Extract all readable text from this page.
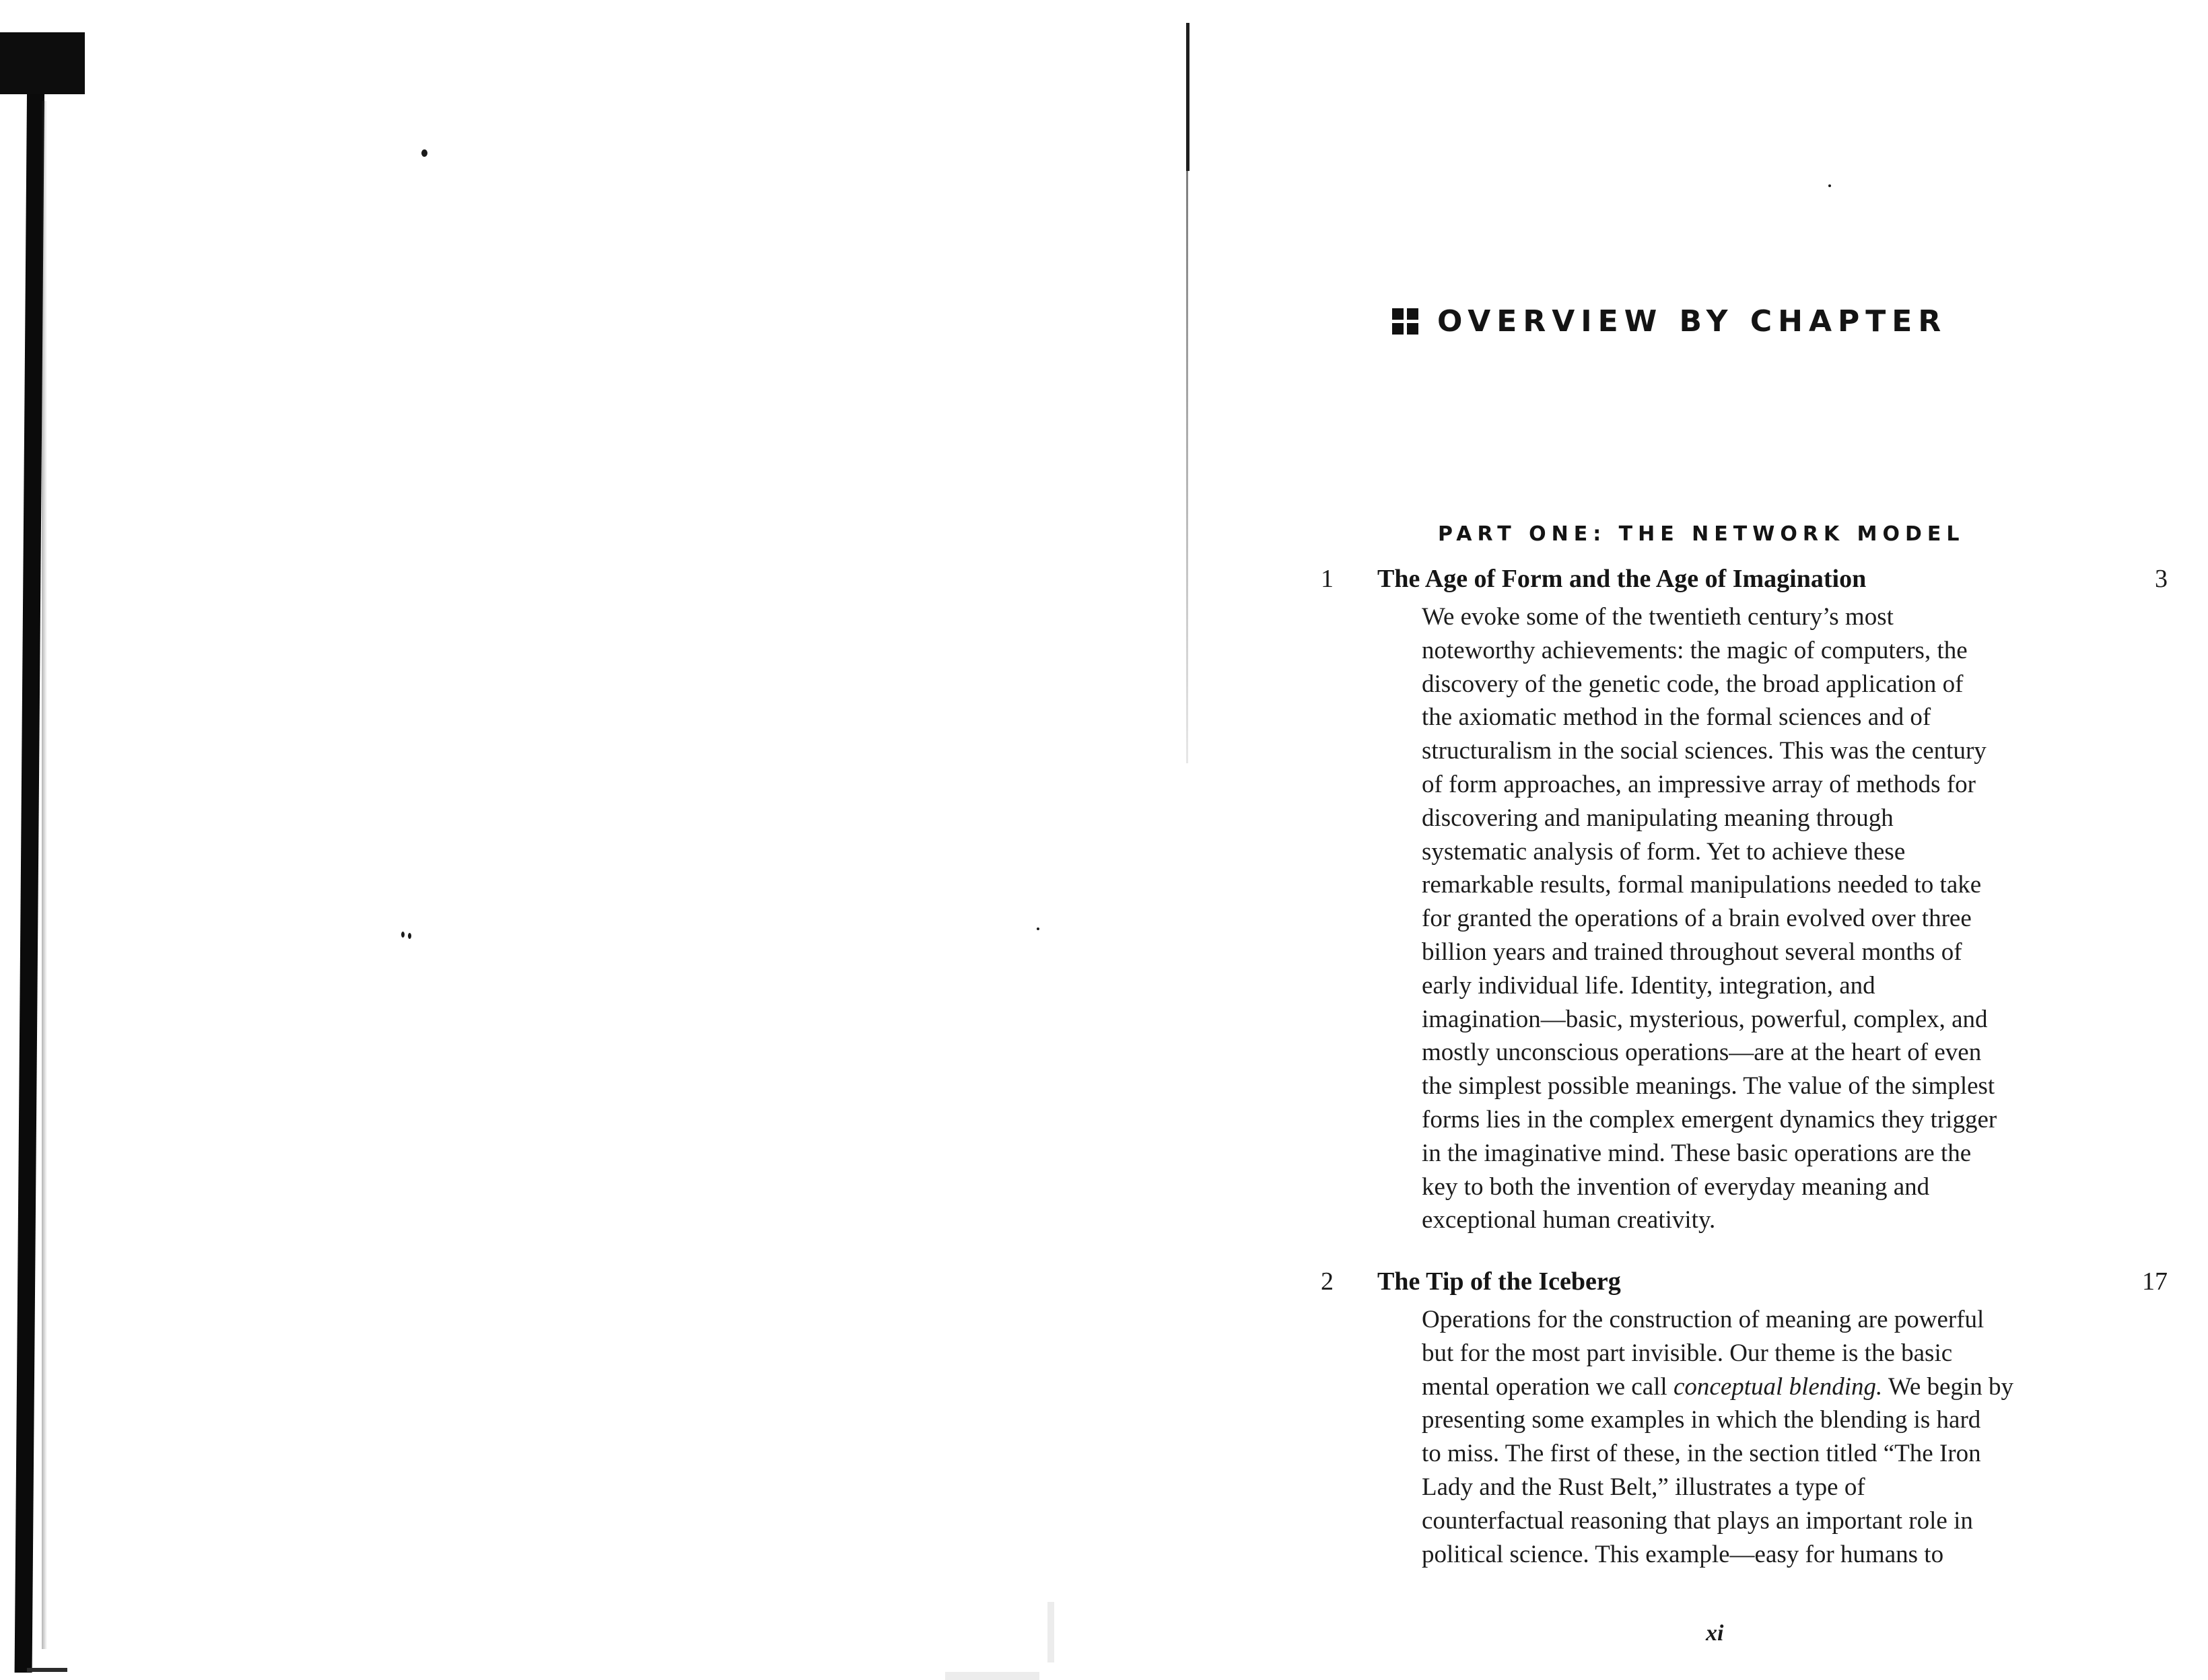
OVERVIEW BY CHAPTER
PART ONE: THE NETWORK MODEL
1 The Age of Form and the Age of Imagination	3
We evoke some of the twentieth century’s most
noteworthy achievements: the magic of computers, the
discovery of the genetic code, the broad application of
the axiomatic method in the formal sciences and of
structuralism in the social sciences. This was the century
of form approaches, an impressive array of methods for
discovering and manipulating meaning through
systematic analysis of form. Yet to achieve these
remarkable results, formal manipulations needed to take
for granted the operations of a brain evolved over three
billion years and trained throughout several months of
early individual life. Identity, integration, and
imagination—basic, mysterious, powerful, complex, and
mostly unconscious operations—are at the heart of even
the simplest possible meanings. The value of the simplest
forms lies in the complex emergent dynamics they trigger
in the imaginative mind. These basic operations are the
key to both the invention of everyday meaning and
exceptional human creativity.
2 The Tip of the Iceberg	17
Operations for the construction of meaning are powerful
but for the most part invisible. Our theme is the basic
mental operation we call conceptual blending. We begin by
presenting some examples in which the blending is hard
to miss. The first of these, in the section titled “The Iron
Lady and the Rust Belt,” illustrates a type of
counterfactual reasoning that plays an important role in
political science. This example—easy for humans to
xi
